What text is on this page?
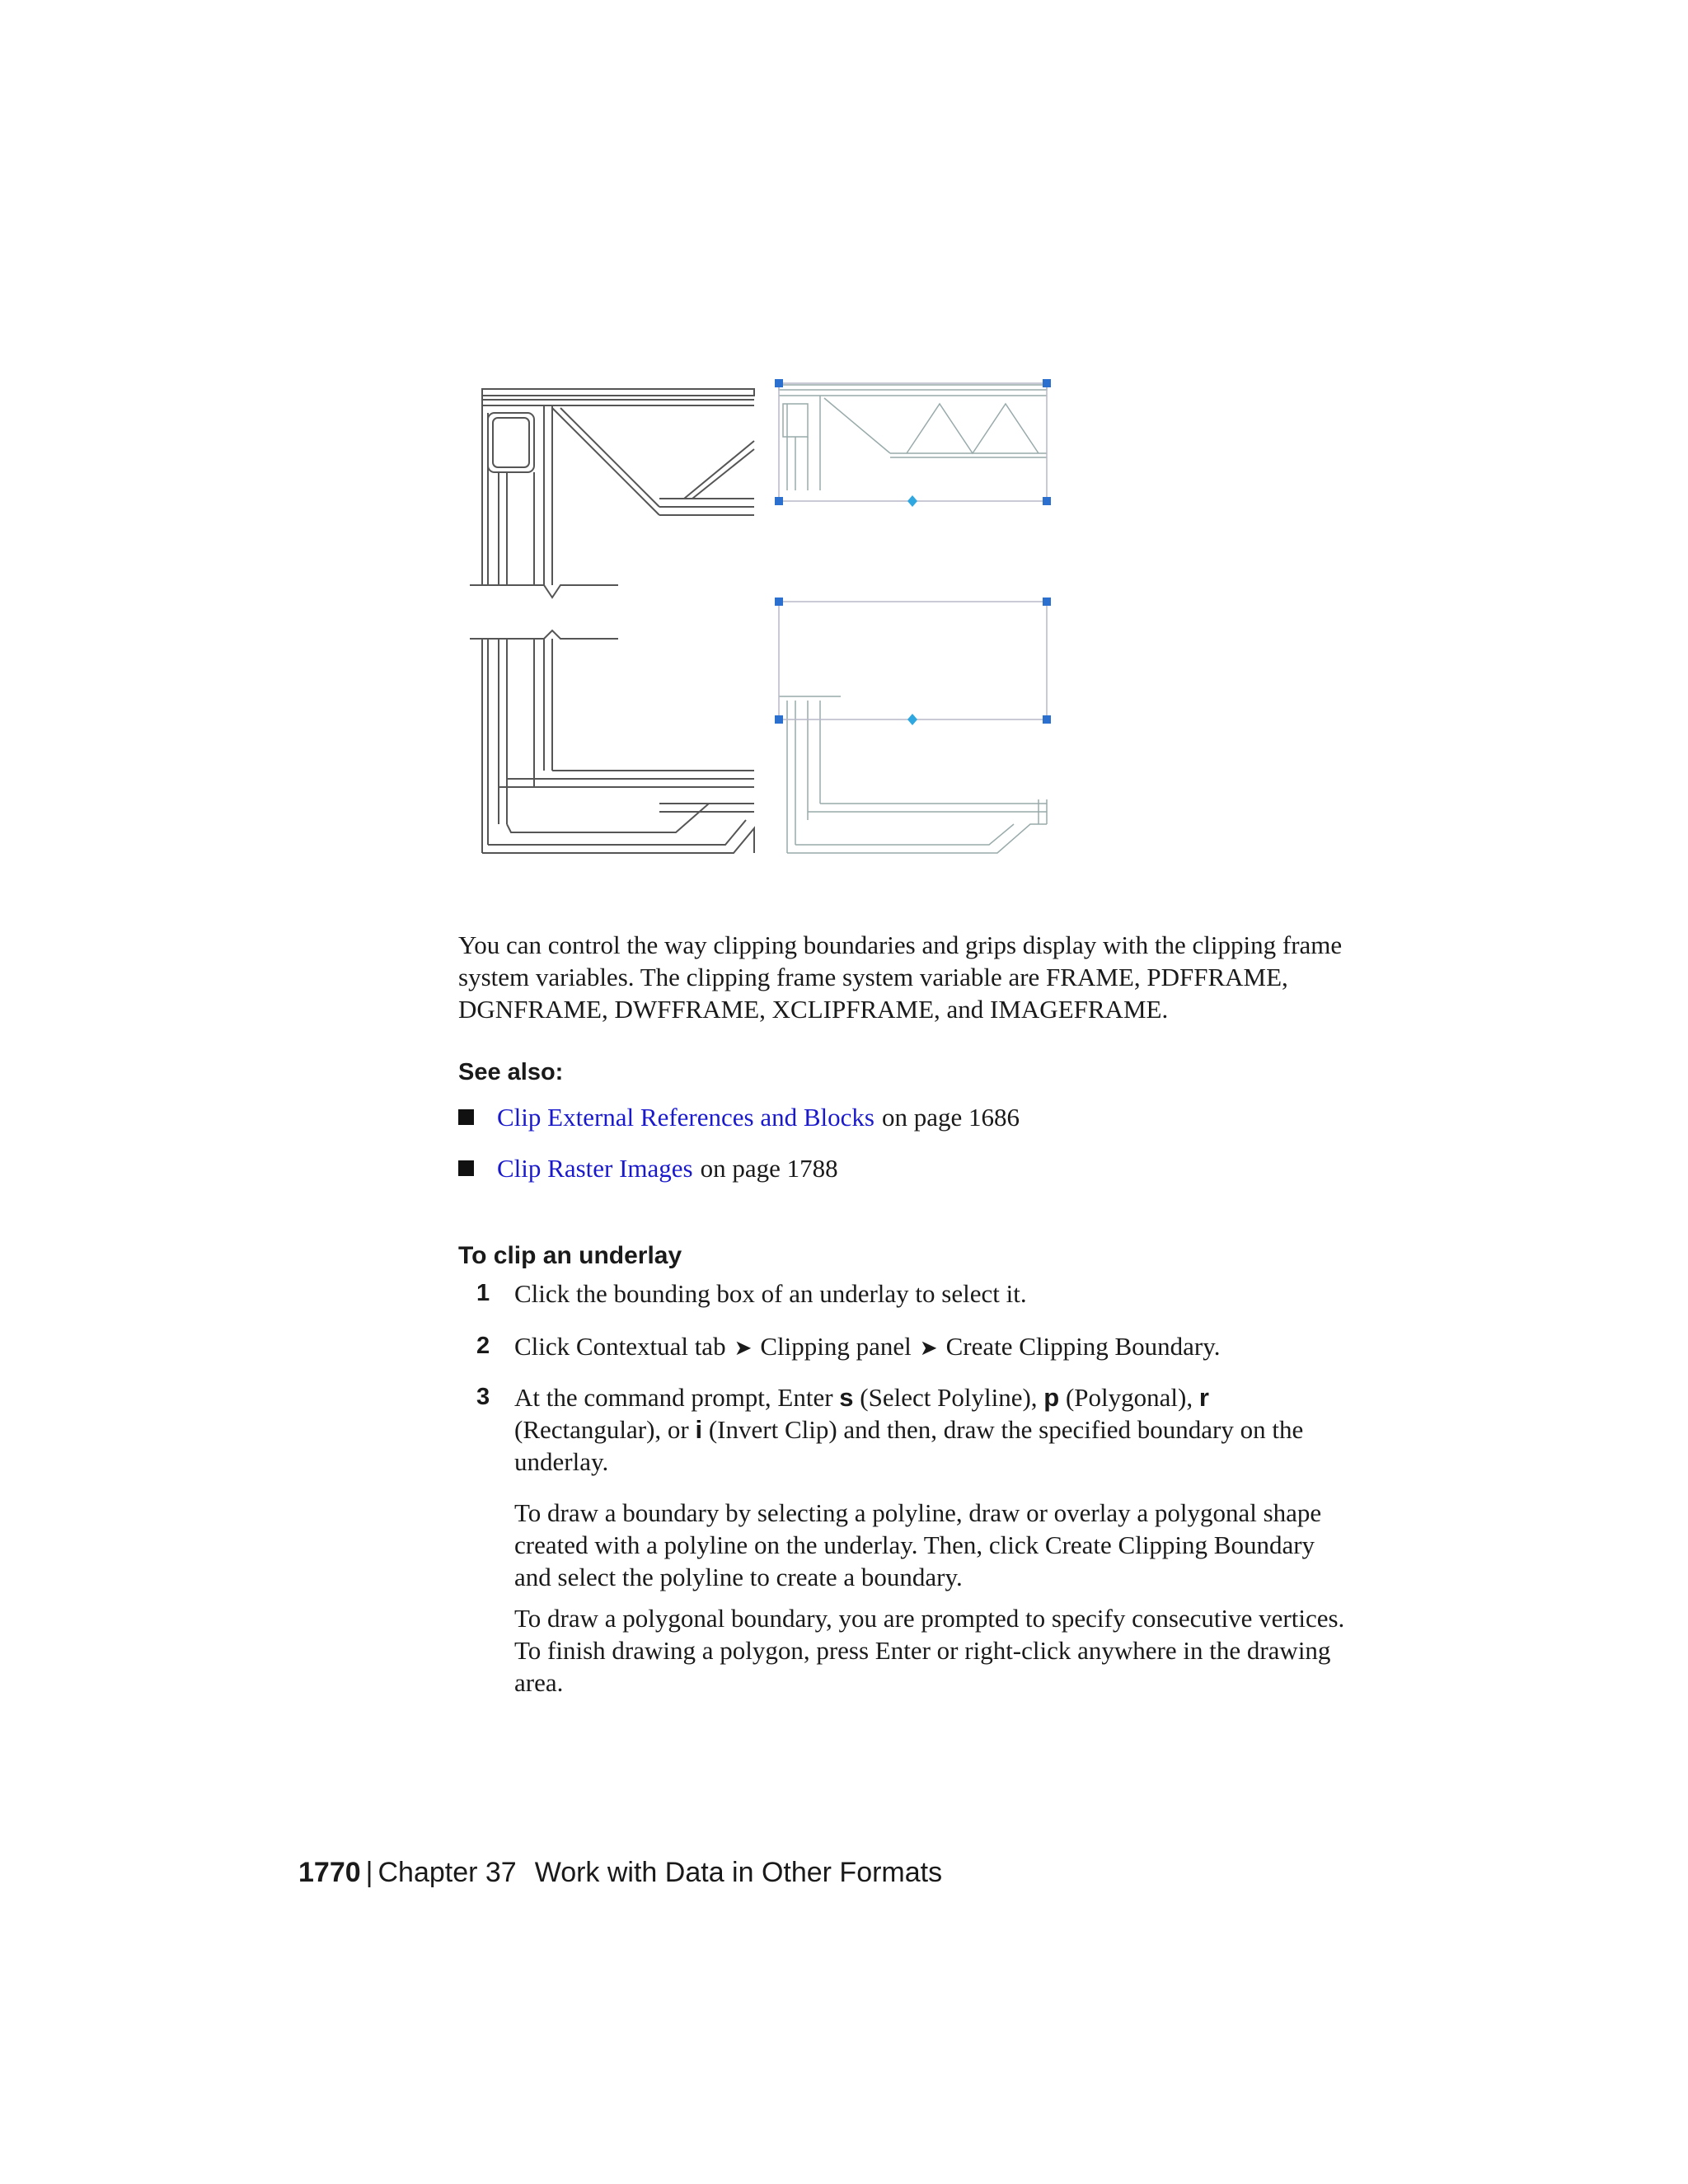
You can control the way clipping boundaries and grips display with the clipping frame system variables. The clipping frame system variable are FRAME, PDFFRAME, DGNFRAME, DWFFRAME, XCLIPFRAME, and IMAGEFRAME.

See also:

Clip External References and Blocks on page 1686
Clip Raster Images on page 1788

To clip an underlay

1 Click the bounding box of an underlay to select it.
2 Click Contextual tab ➤ Clipping panel ➤ Create Clipping Boundary.
3 At the command prompt, Enter s (Select Polyline), p (Polygonal), r (Rectangular), or i (Invert Clip) and then, draw the specified boundary on the underlay.

To draw a boundary by selecting a polyline, draw or overlay a polygonal shape created with a polyline on the underlay. Then, click Create Clipping Boundary and select the polyline to create a boundary.

To draw a polygonal boundary, you are prompted to specify consecutive vertices. To finish drawing a polygon, press Enter or right-click anywhere in the drawing area.

1770 | Chapter 37 Work with Data in Other Formats
